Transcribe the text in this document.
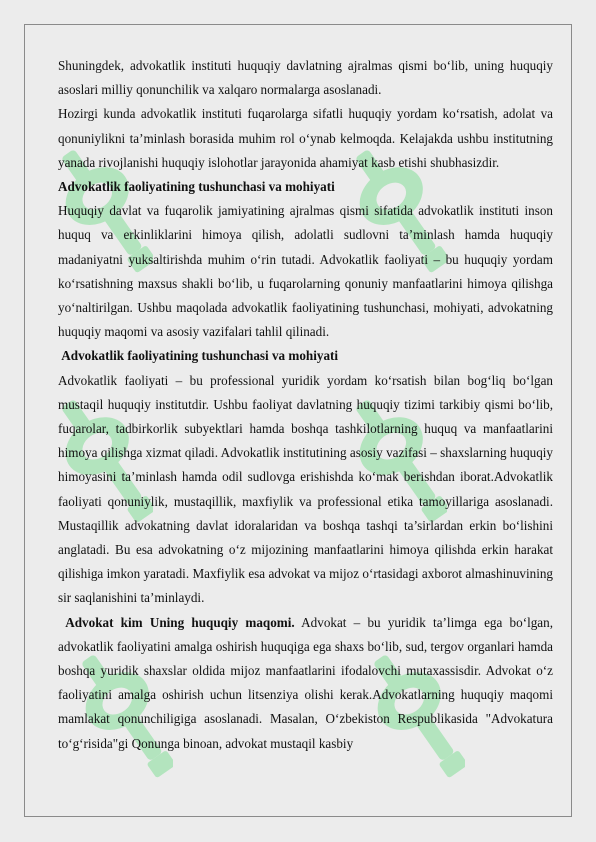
Shuningdek, advokatlik instituti huquqiy davlatning ajralmas qismi bo‘lib, uning huquqiy asoslari milliy qonunchilik va xalqaro normalarga asoslanadi.

Hozirgi kunda advokatlik instituti fuqarolarga sifatli huquqiy yordam ko‘rsatish, adolat va qonuniylikni ta’minlash borasida muhim rol o‘ynab kelmoqda. Kelajakda ushbu institutning yanada rivojlanishi huquqiy islohotlar jarayonida ahamiyat kasb etishi shubhasizdir.

Advokatlik faoliyatining tushunchasi va mohiyati

Huquqiy davlat va fuqarolik jamiyatining ajralmas qismi sifatida advokatlik instituti inson huquq va erkinliklarini himoya qilish, adolatli sudlovni ta’minlash hamda huquqiy madaniyatni yuksaltirishda muhim o‘rin tutadi. Advokatlik faoliyati – bu huquqiy yordam ko‘rsatishning maxsus shakli bo‘lib, u fuqarolarning qonuniy manfaatlarini himoya qilishga yo‘naltirilgan. Ushbu maqolada advokatlik faoliyatining tushunchasi, mohiyati, advokatning huquqiy maqomi va asosiy vazifalari tahlil qilinadi.

Advokatlik faoliyatining tushunchasi va mohiyati

Advokatlik faoliyati – bu professional yuridik yordam ko‘rsatish bilan bog‘liq bo‘lgan mustaqil huquqiy institutdir. Ushbu faoliyat davlatning huquqiy tizimi tarkibiy qismi bo‘lib, fuqarolar, tadbirkorlik subyektlari hamda boshqa tashkilotlarning huquq va manfaatlarini himoya qilishga xizmat qiladi. Advokatlik institutining asosiy vazifasi – shaxslarning huquqiy himoyasini ta’minlash hamda odil sudlovga erishishda ko‘mak berishdan iborat.Advokatlik faoliyati qonuniylik, mustaqillik, maxfiylik va professional etika tamoyillariga asoslanadi. Mustaqillik advokatning davlat idoralaridan va boshqa tashqi ta’sirlardan erkin bo‘lishini anglatadi. Bu esa advokatning o‘z mijozining manfaatlarini himoya qilishda erkin harakat qilishiga imkon yaratadi. Maxfiylik esa advokat va mijoz o‘rtasidagi axborot almashinuvining sir saqlanishini ta’minlaydi.

Advokat kim Uning huquqiy maqomi. Advokat – bu yuridik ta’limga ega bo‘lgan, advokatlik faoliyatini amalga oshirish huquqiga ega shaxs bo‘lib, sud, tergov organlari hamda boshqa yuridik shaxslar oldida mijoz manfaatlarini ifodalovchi mutaxassisdir. Advokat o‘z faoliyatini amalga oshirish uchun litsenziya olishi kerak.Advokatlarning huquqiy maqomi mamlakat qonunchiligiga asoslanadi. Masalan, O‘zbekiston Respublikasida "Advokatura to‘g‘risida"gi Qonunga binoan, advokat mustaqil kasbiy
